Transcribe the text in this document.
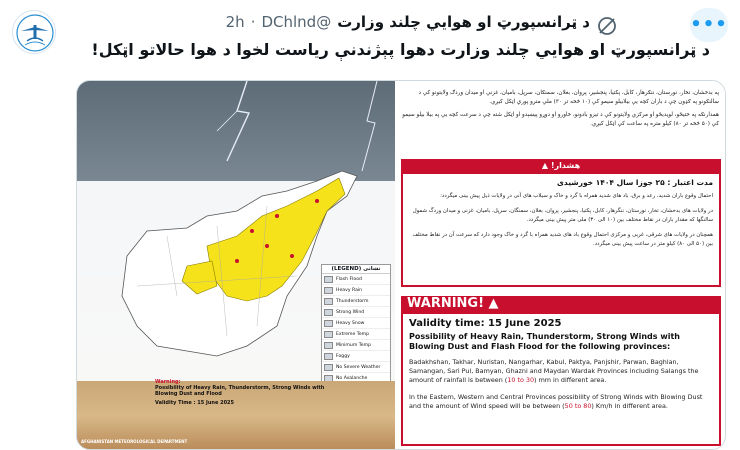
•••
د ټرانسپورټ او هوایي چلند وزارت
@DChlnd
·
2h
د ټرانسپورټ او هوایي چلند وزارت دهوا پېژندنې ریاست لخوا د هوا حالاتو اټکل!
(LEGEND) نښانی
Flash Flood
Heavy Rain
Thunderstorm
Strong Wind
Heavy Snow
Extreme Temp
Minimum Temp
Foggy
No Severe Weather
No Avalanche
Warning:
Possibility of Heavy Rain, Thunderstorm, Strong Winds with Blowing Dust and Flood
Validity Time : 15 June 2025
AFGHANISTAN METEOROLOGICAL DEPARTMENT
په بدخشان، تخار، نورستان، ننګرهار، کابل، پکتیا، پنجشیر، پروان، بغلان، سمنګان، سرپل، بامیان، غزني او میدان وردګ ولایتونو کې د سالنګونو په ګډون چې د باران کچه یې بیلابیلو سیمو کې (۱۰ څخه تر ۳۰) ملي مترو پورې اټکل کیږي.
همدارنګه په ختیځو، لویدیځو او مرکزي ولایتونو کې د تیزو بادونو، خاورو او دوړو پیښېدو او اټکل شته چې د سرعت کچه یې په بیلا بیلو سیمو کې (۵۰ څخه تر ۸۰) کیلو متره په ساعت کې اټکل کیږي.
هشدار! ▲
مدت اعتبار : ۲۵ جوزا سال ۱۴۰۴ خورشیدی
احتمال وقوع باران شدید، رعد و برق، باد های شدید همراه با گرد و خاک و سیلاب های آنی در ولایات ذیل پیش بینی میگردد:
در ولایات های بدخشان، تخار، نورستان، ننگرهار، کابل، پکتیا، پنجشیر، پروان، بغلان، سمنگان، سرپل، بامیان، غزنی و میدان وردگ شمول سالنگها که مقدار باران در نقاط مختلف بین (۱۰ الی ۳۰) ملی متر پیش بینی میگردد.
همچنان در ولایات های شرقی، غربی و مرکزی احتمال وقوع باد های شدید همراه با گرد و خاک وجود دارد که سرعت آن در نقاط مختلف بین (۵۰ الی ۸۰) کیلو متر در ساعت پیش بینی میگردد.
WARNING! ▲
Validity time: 15 June 2025
Possibility of Heavy Rain, Thunderstorm, Strong Winds with Blowing Dust and Flash Flood for the following provinces:
Badakhshan, Takhar, Nuristan, Nangarhar, Kabul, Paktya, Panjshir, Parwan, Baghlan, Samangan, Sari Pul, Bamyan, Ghazni and Maydan Wardak Provinces including Salangs the amount of rainfall is between (10 to 30) mm in different area.
In the Eastern, Western and Central Provinces possibility of Strong Winds with Blowing Dust and the amount of Wind speed will be between (50 to 80) Km/h in different area.
